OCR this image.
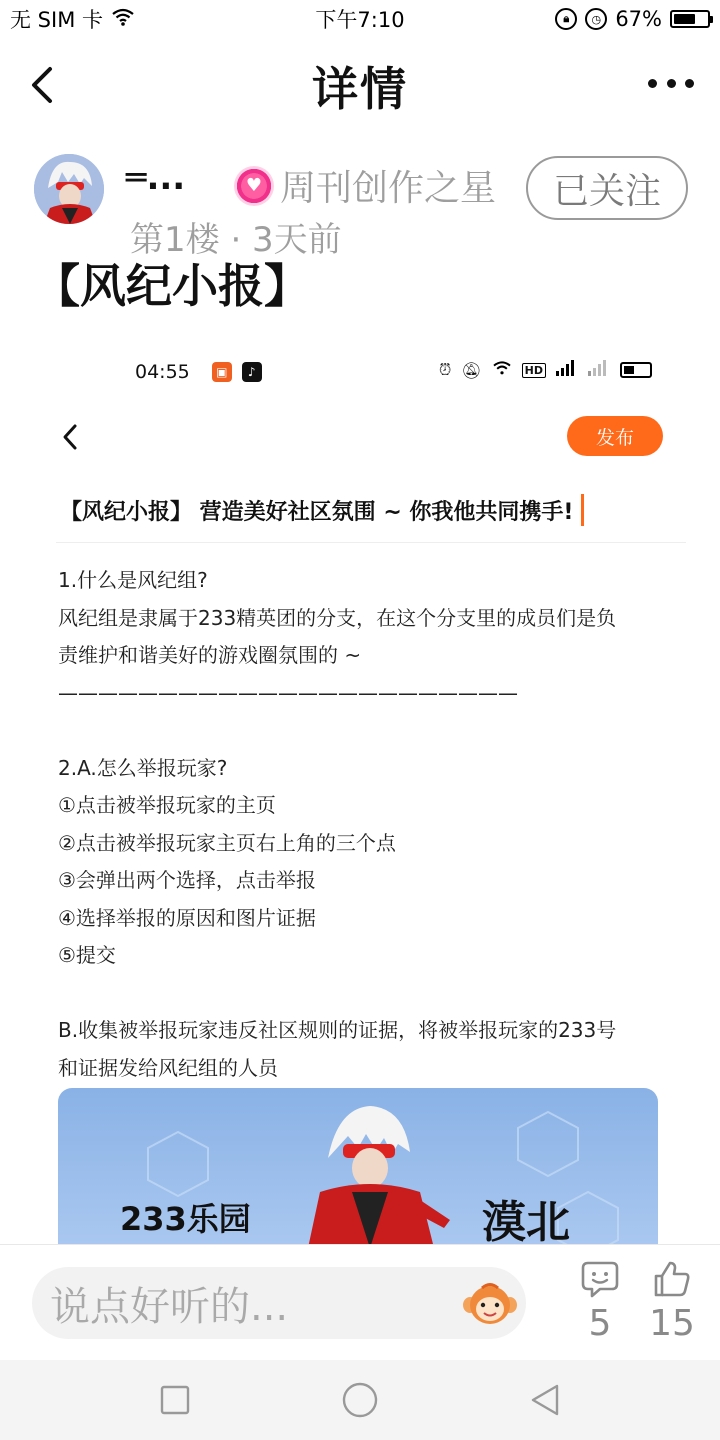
无 SIM 卡	下午7:10	🔒︎	◷ 67%
详情
═...	♥ 周刊创作之星	已关注
第1楼 · 3天前
【风纪小报】
04:55	▣	♪	⏰︎ 🔕︎	HD
发布
【风纪小报】 营造美好社区氛围 ~ 你我他共同携手!
1.什么是风纪组?
风纪组是隶属于233精英团的分支，在这个分支里的成员们是负
责维护和谐美好的游戏圈氛围的 ~
———————————————————————
2.A.怎么举报玩家?
①点击被举报玩家的主页
②点击被举报玩家主页右上角的三个点
③会弹出两个选择，点击举报
④选择举报的原因和图片证据
⑤提交
B.收集被举报玩家违反社区规则的证据，将被举报玩家的233号
和证据发给风纪组的人员
233乐园	漠北
说点好听的...	5	15
